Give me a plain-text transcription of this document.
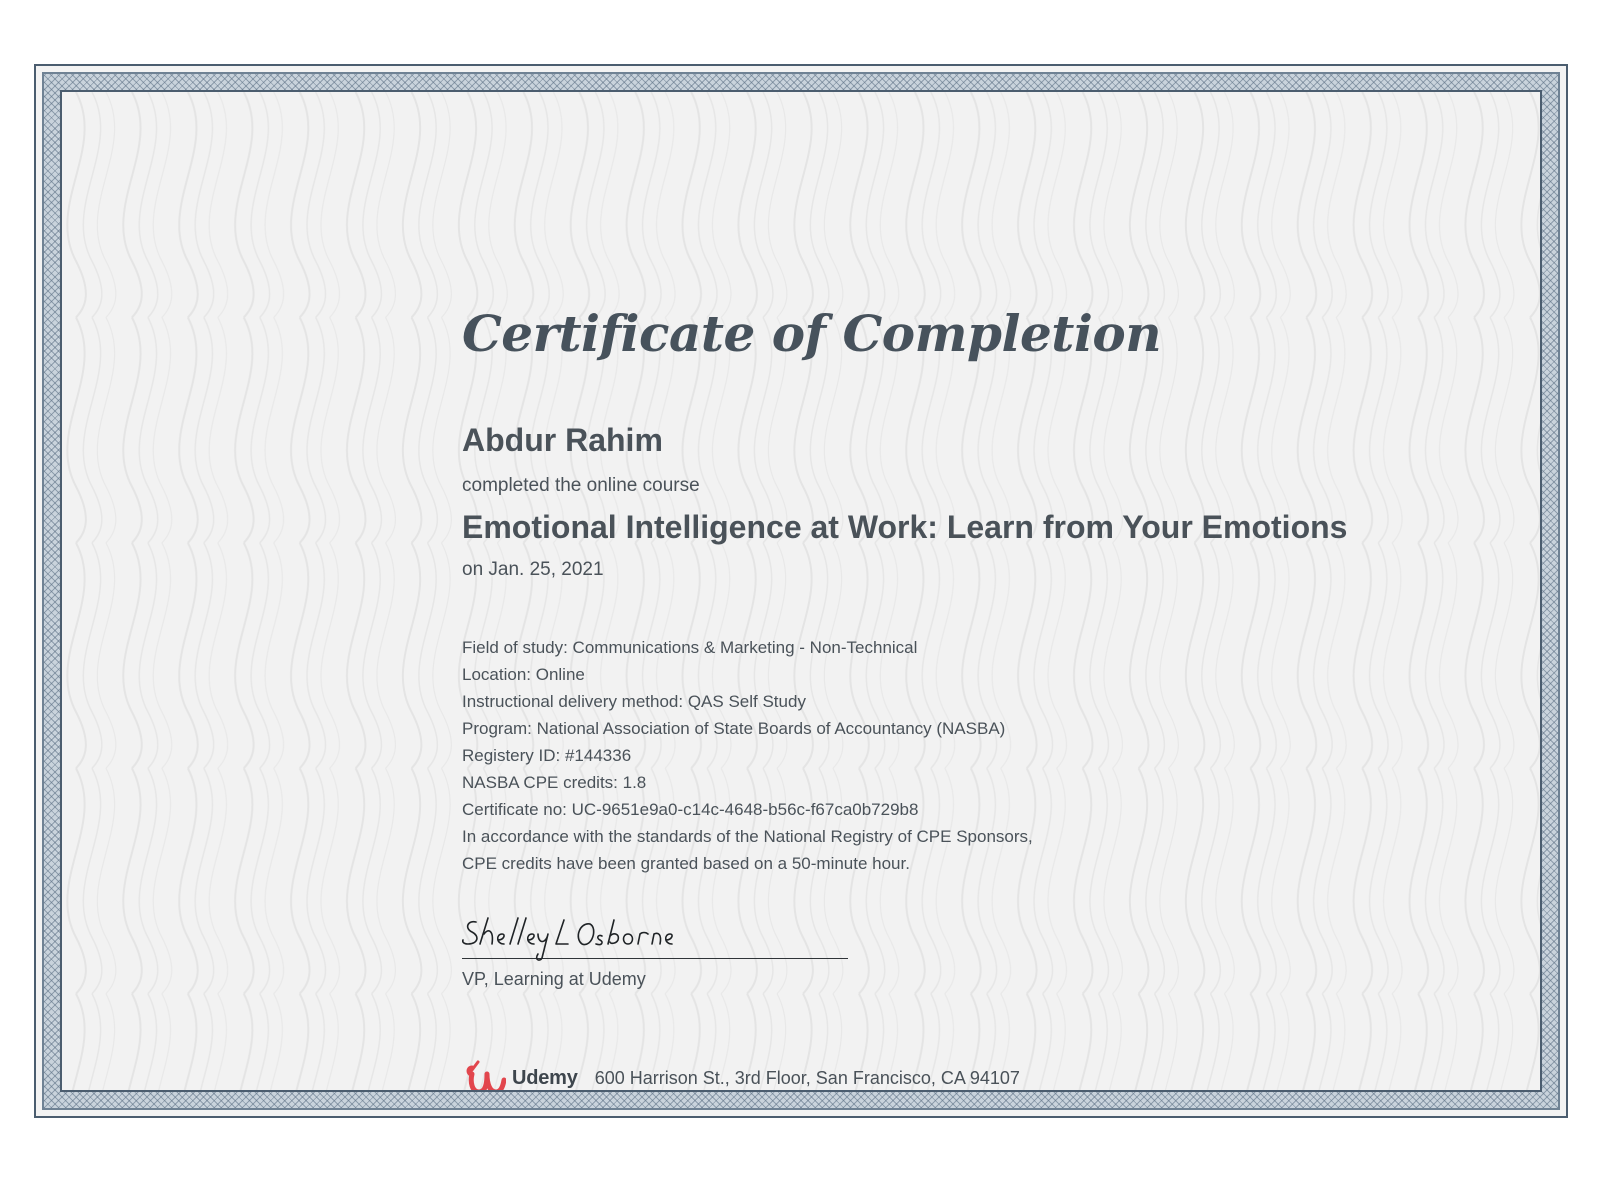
Certificate of Completion
Abdur Rahim
completed the online course
Emotional Intelligence at Work: Learn from Your Emotions
on Jan. 25, 2021
Field of study: Communications & Marketing - Non-Technical
Location: Online
Instructional delivery method: QAS Self Study
Program: National Association of State Boards of Accountancy (NASBA)
Registery ID: #144336
NASBA CPE credits: 1.8
Certificate no: UC-9651e9a0-c14c-4648-b56c-f67ca0b729b8
In accordance with the standards of the National Registry of CPE Sponsors,
CPE credits have been granted based on a 50-minute hour.
VP, Learning at Udemy
Udemy 600 Harrison St., 3rd Floor, San Francisco, CA 94107
